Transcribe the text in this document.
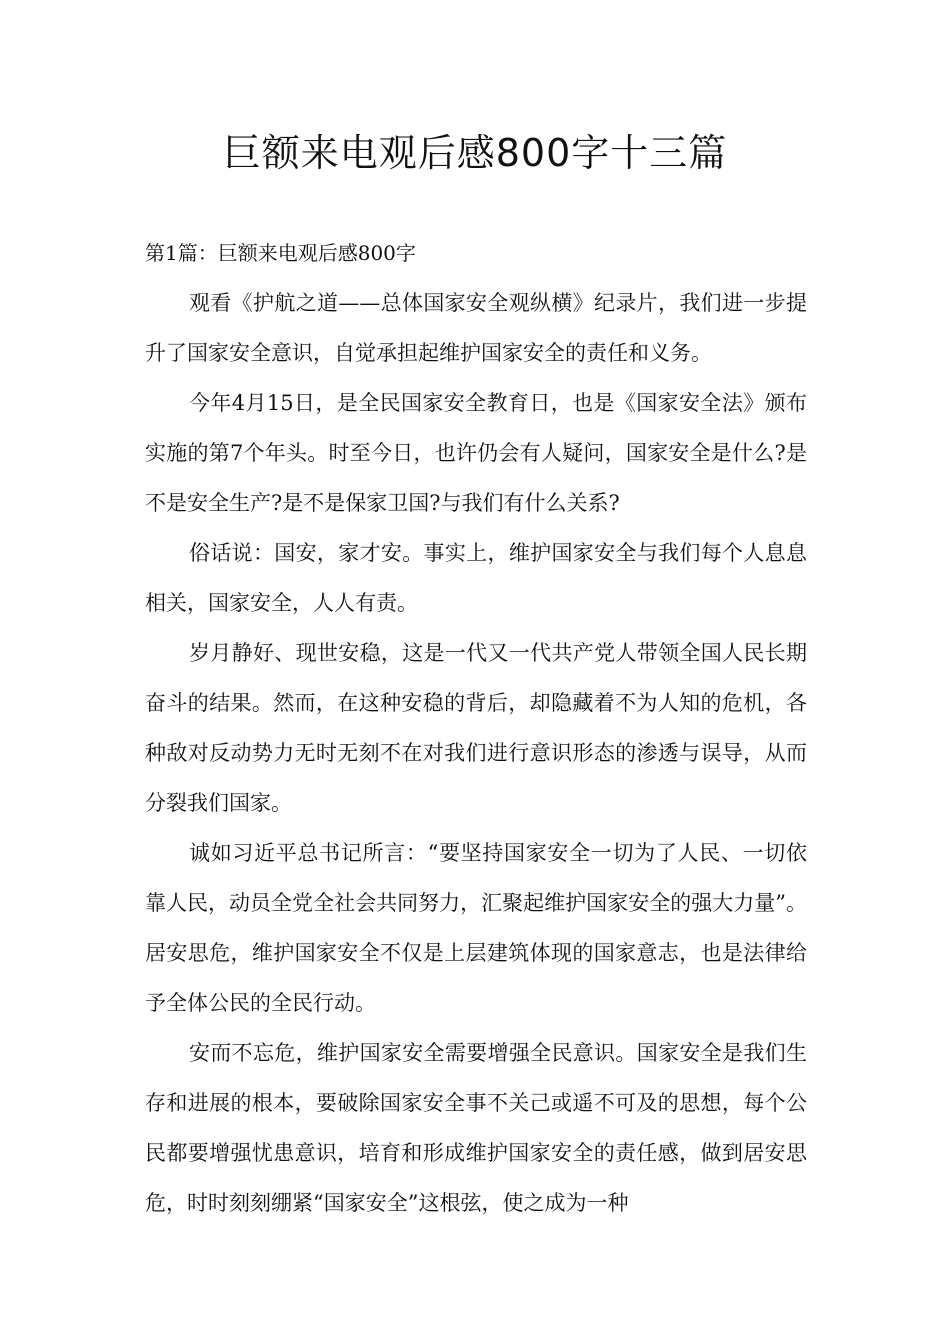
巨额来电观后感800字十三篇

第1篇：巨额来电观后感800字

观看《护航之道——总体国家安全观纵横》纪录片，我们进一步提升了国家安全意识，自觉承担起维护国家安全的责任和义务。

今年4月15日，是全民国家安全教育日，也是《国家安全法》颁布实施的第7个年头。时至今日，也许仍会有人疑问，国家安全是什么?是不是安全生产?是不是保家卫国?与我们有什么关系?

俗话说：国安，家才安。事实上，维护国家安全与我们每个人息息相关，国家安全，人人有责。

岁月静好、现世安稳，这是一代又一代共产党人带领全国人民长期奋斗的结果。然而，在这种安稳的背后，却隐藏着不为人知的危机，各种敌对反动势力无时无刻不在对我们进行意识形态的渗透与误导，从而分裂我们国家。

诚如习近平总书记所言：“要坚持国家安全一切为了人民、一切依靠人民，动员全党全社会共同努力，汇聚起维护国家安全的强大力量”。居安思危，维护国家安全不仅是上层建筑体现的国家意志，也是法律给予全体公民的全民行动。

安而不忘危，维护国家安全需要增强全民意识。国家安全是我们生存和进展的根本，要破除国家安全事不关己或遥不可及的思想，每个公民都要增强忧患意识，培育和形成维护国家安全的责任感，做到居安思危，时时刻刻绷紧“国家安全”这根弦，使之成为一种
